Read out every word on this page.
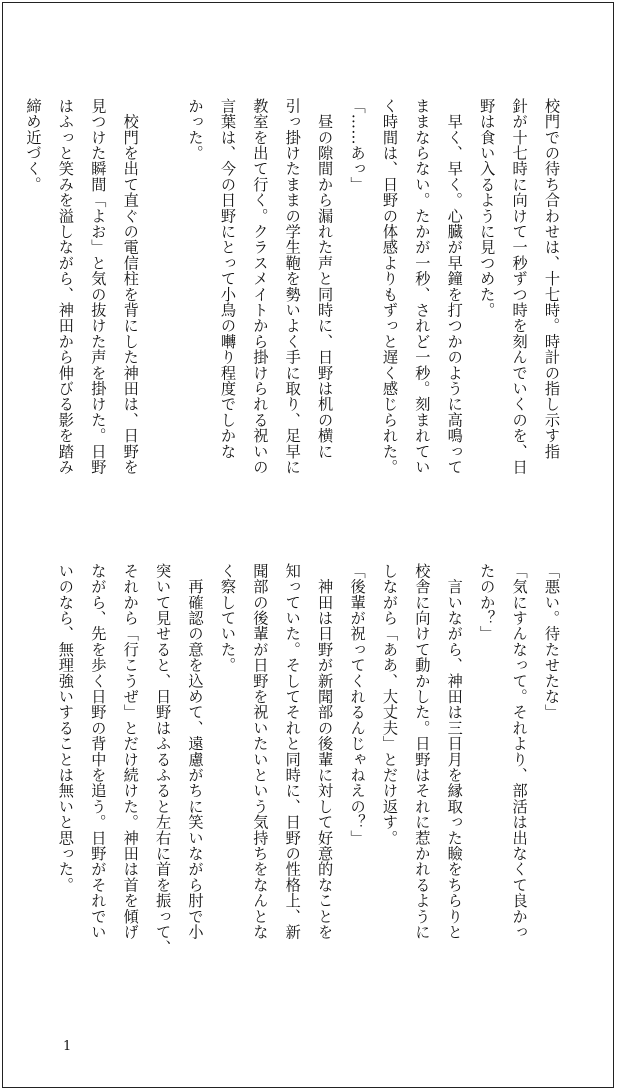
校門での待ち合わせは、十七時。時計の指し示す指
針が十七時に向けて一秒ずつ時を刻んでいくのを、日
野は食い入るように見つめた。
　早く、早く。心臓が早鐘を打つかのように高鳴って
ままならない。たかが一秒、されど一秒。刻まれてい
く時間は、日野の体感よりもずっと遅く感じられた。
「……あっ」
　昼の隙間から漏れた声と同時に、日野は机の横に
引っ掛けたままの学生鞄を勢いよく手に取り、足早に
教室を出て行く。クラスメイトから掛けられる祝いの
言葉は、今の日野にとって小鳥の囀り程度でしかな
かった。

　校門を出て直ぐの電信柱を背にした神田は、日野を
見つけた瞬間「よお」と気の抜けた声を掛けた。日野
はふっと笑みを溢しながら、神田から伸びる影を踏み
締め近づく。
「悪い。待たせたな」
「気にすんなって。それより、部活は出なくて良かっ
たのか？」
　言いながら、神田は三日月を縁取った瞼をちらりと
校舎に向けて動かした。日野はそれに惹かれるように
しながら「ああ、大丈夫」とだけ返す。
「後輩が祝ってくれるんじゃねえの？」
　神田は日野が新聞部の後輩に対して好意的なことを
知っていた。そしてそれと同時に、日野の性格上、新
聞部の後輩が日野を祝いたいという気持ちをなんとな
く察していた。
　再確認の意を込めて、遠慮がちに笑いながら肘で小
突いて見せると、日野はふるふると左右に首を振って、
それから「行こうぜ」とだけ続けた。神田は首を傾げ
ながら、先を歩く日野の背中を追う。日野がそれでい
いのなら、無理強いすることは無いと思った。
1
